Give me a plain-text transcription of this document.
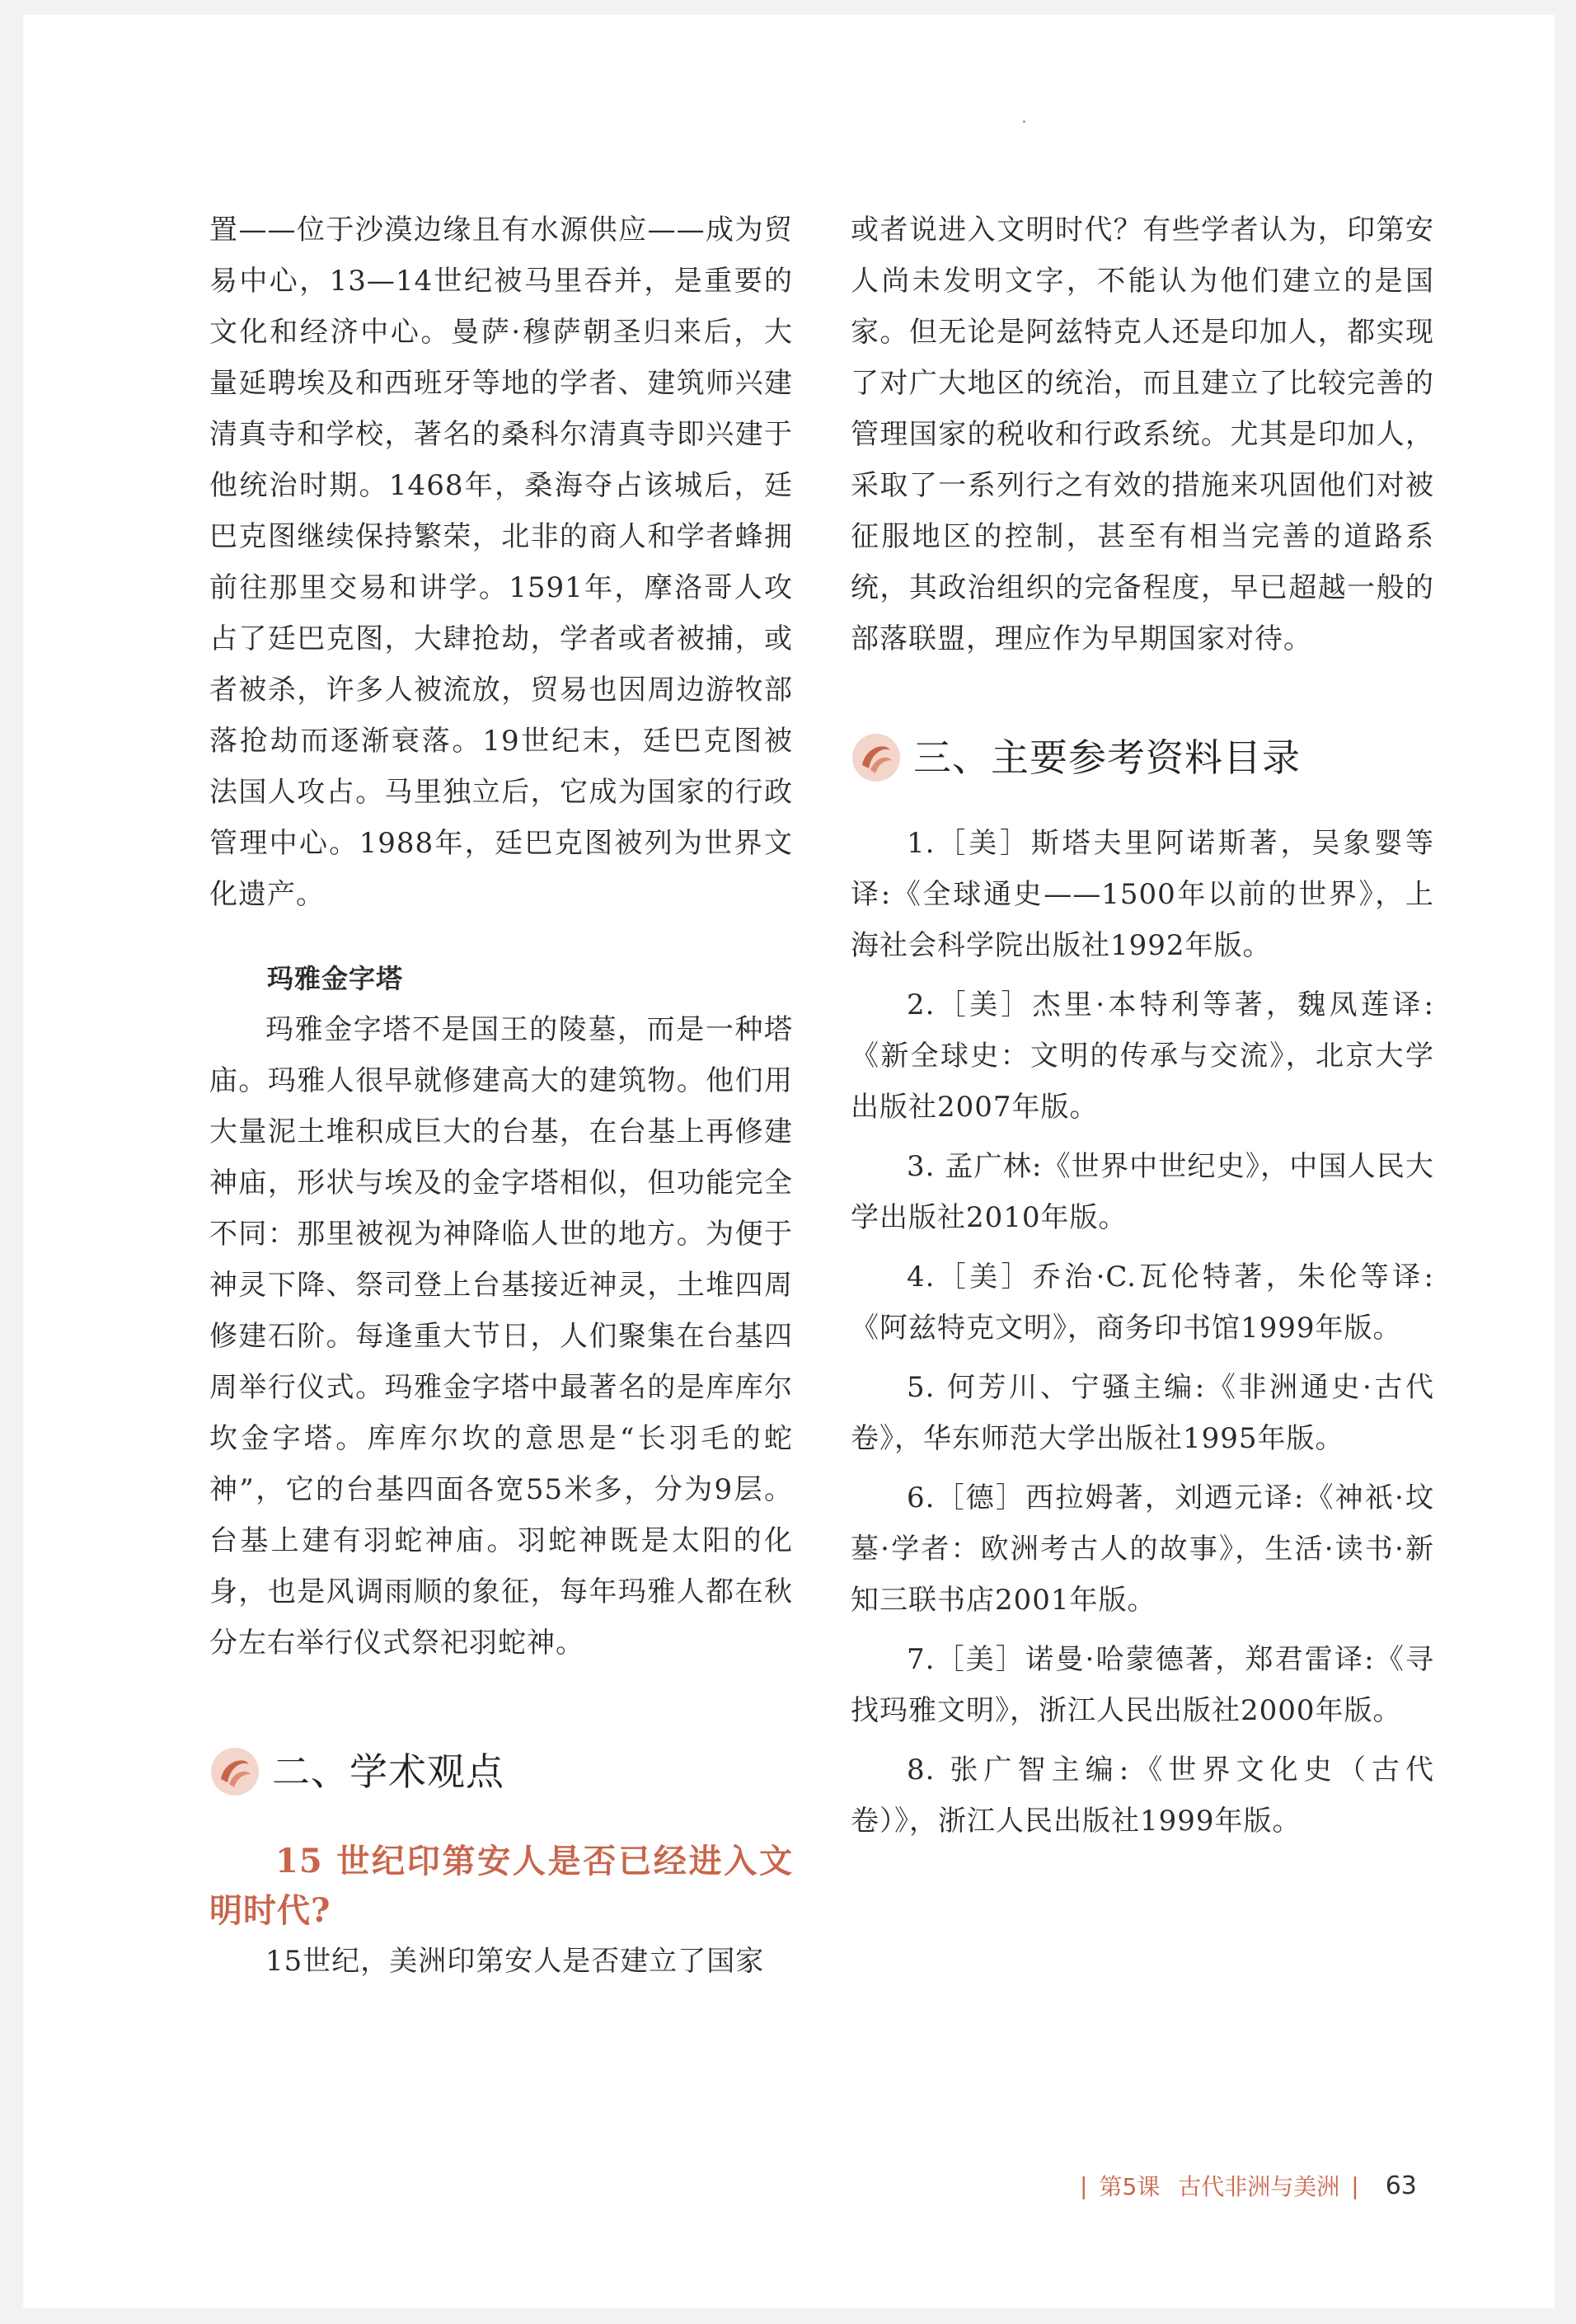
置——位于沙漠边缘且有水源供应——成为贸易中心，13—14世纪被马里吞并，是重要的文化和经济中心。曼萨·穆萨朝圣归来后，大量延聘埃及和西班牙等地的学者、建筑师兴建清真寺和学校，著名的桑科尔清真寺即兴建于他统治时期。1468年，桑海夺占该城后，廷巴克图继续保持繁荣，北非的商人和学者蜂拥前往那里交易和讲学。1591年，摩洛哥人攻占了廷巴克图，大肆抢劫，学者或者被捕，或者被杀，许多人被流放，贸易也因周边游牧部落抢劫而逐渐衰落。19世纪末，廷巴克图被法国人攻占。马里独立后，它成为国家的行政管理中心。1988年，廷巴克图被列为世界文化遗产。

玛雅金字塔

玛雅金字塔不是国王的陵墓，而是一种塔庙。玛雅人很早就修建高大的建筑物。他们用大量泥土堆积成巨大的台基，在台基上再修建神庙，形状与埃及的金字塔相似，但功能完全不同：那里被视为神降临人世的地方。为便于神灵下降、祭司登上台基接近神灵，土堆四周修建石阶。每逢重大节日，人们聚集在台基四周举行仪式。玛雅金字塔中最著名的是库库尔坎金字塔。库库尔坎的意思是“长羽毛的蛇神”，它的台基四面各宽55米多，分为9层。台基上建有羽蛇神庙。羽蛇神既是太阳的化身，也是风调雨顺的象征，每年玛雅人都在秋分左右举行仪式祭祀羽蛇神。

二、学术观点

15 世纪印第安人是否已经进入文明时代?

15世纪，美洲印第安人是否建立了国家

或者说进入文明时代？有些学者认为，印第安人尚未发明文字，不能认为他们建立的是国家。但无论是阿兹特克人还是印加人，都实现了对广大地区的统治，而且建立了比较完善的管理国家的税收和行政系统。尤其是印加人，采取了一系列行之有效的措施来巩固他们对被征服地区的控制，甚至有相当完善的道路系统，其政治组织的完备程度，早已超越一般的部落联盟，理应作为早期国家对待。

三、主要参考资料目录

1.［美］斯塔夫里阿诺斯著，吴象婴等译:《全球通史——1500年以前的世界》，上海社会科学院出版社1992年版。

2.［美］杰里·本特利等著，魏凤莲译:《新全球史：文明的传承与交流》，北京大学出版社2007年版。

3. 孟广林:《世界中世纪史》，中国人民大学出版社2010年版。

4.［美］乔治·C.瓦伦特著，朱伦等译:《阿兹特克文明》，商务印书馆1999年版。

5. 何芳川、宁骚主编:《非洲通史·古代卷》，华东师范大学出版社1995年版。

6.［德］西拉姆著，刘迺元译:《神祇·坟墓·学者：欧洲考古人的故事》，生活·读书·新知三联书店2001年版。

7.［美］诺曼·哈蒙德著，郑君雷译:《寻找玛雅文明》，浙江人民出版社2000年版。

8. 张广智主编:《世界文化史（古代卷）》，浙江人民出版社1999年版。

| 第5课 古代非洲与美洲 | 63
